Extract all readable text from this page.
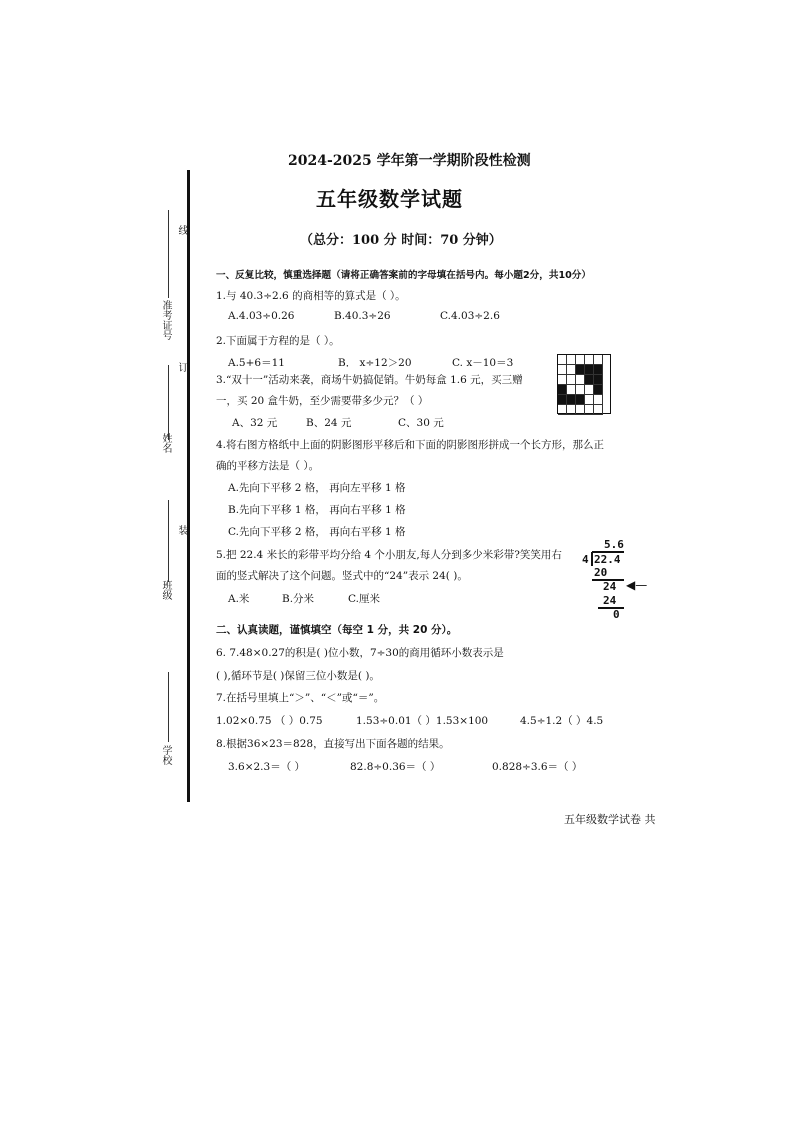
线
准考证号
订
姓名
装
班级
学校
2024-2025 学年第一学期阶段性检测
五年级数学试题
（总分：100 分 时间：70 分钟）
一、反复比较，慎重选择题（请将正确答案前的字母填在括号内。每小题2分，共10分）
1.与 40.3÷2.6 的商相等的算式是（ ）。
A.4.03÷0.26	B.40.3÷26	C.4.03÷2.6
2.下面属于方程的是（ ）。
A.5+6＝11	B． x÷12＞20	C. x－10＝3
3.“双十一”活动来袭，商场牛奶搞促销。牛奶每盒 1.6 元，买三赠
一，买 20 盒牛奶，至少需要带多少元？（ ）
A、32 元	B、24 元	C、30 元
4.将右图方格纸中上面的阴影图形平移后和下面的阴影图形拼成一个长方形，那么正
确的平移方法是（ ）。
A.先向下平移 2 格， 再向左平移 1 格
B.先向下平移 1 格， 再向右平移 1 格
C.先向下平移 2 格， 再向右平移 1 格
5.把 22.4 米长的彩带平均分给 4 个小朋友,每人分到多少米彩带?笑笑用右
面的竖式解决了这个问题。竖式中的“24”表示 24( )。
A.米	B.分米	C.厘米
5.6
4 22.4
20
24 ◀—
24
0
二、认真读题，谨慎填空（每空 1 分，共 20 分）。
6. 7.48×0.27的积是( )位小数，7÷30的商用循环小数表示是
( ),循环节是( )保留三位小数是( )。
7.在括号里填上“＞”、“＜”或“＝”。
1.02×0.75 （ ）0.75	1.53÷0.01（ ）1.53×100	4.5÷1.2（ ）4.5
8.根据36×23＝828，直接写出下面各题的结果。
3.6×2.3＝（ ）	82.8÷0.36＝（ ）	0.828÷3.6＝（ ）
五年级数学试卷 共
